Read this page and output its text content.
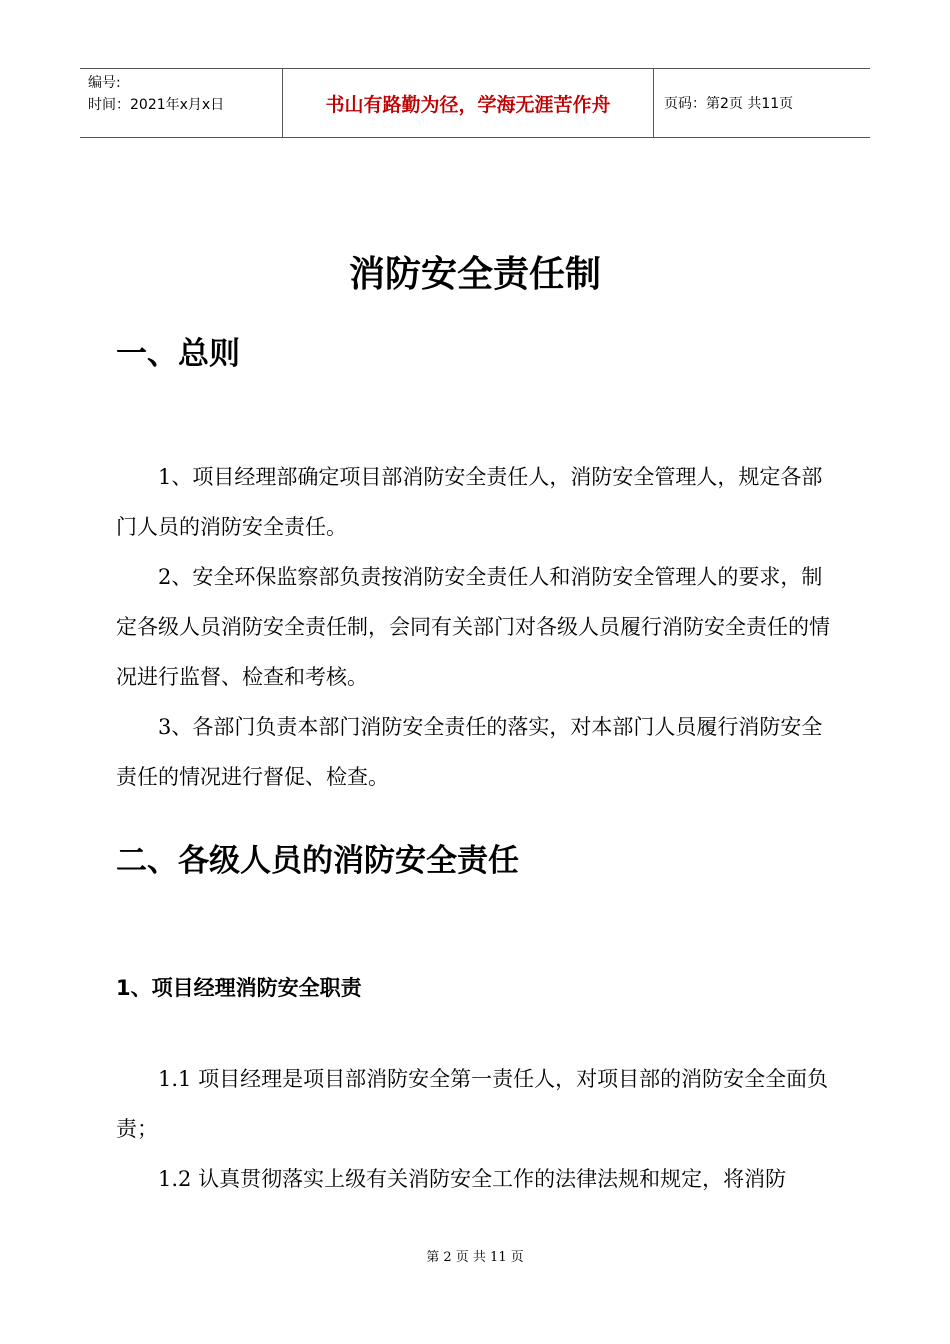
编号:
时间：2021年x月x日	书山有路勤为径，学海无涯苦作舟	页码：第2页 共11页
消防安全责任制
一、总则
1、项目经理部确定项目部消防安全责任人，消防安全管理人，规定各部门人员的消防安全责任。
2、安全环保监察部负责按消防安全责任人和消防安全管理人的要求，制定各级人员消防安全责任制，会同有关部门对各级人员履行消防安全责任的情况进行监督、检查和考核。
3、各部门负责本部门消防安全责任的落实，对本部门人员履行消防安全责任的情况进行督促、检查。
二、各级人员的消防安全责任
1、项目经理消防安全职责
1.1 项目经理是项目部消防安全第一责任人，对项目部的消防安全全面负责；
1.2 认真贯彻落实上级有关消防安全工作的法律法规和规定，将消防
第 2 页 共 11 页
